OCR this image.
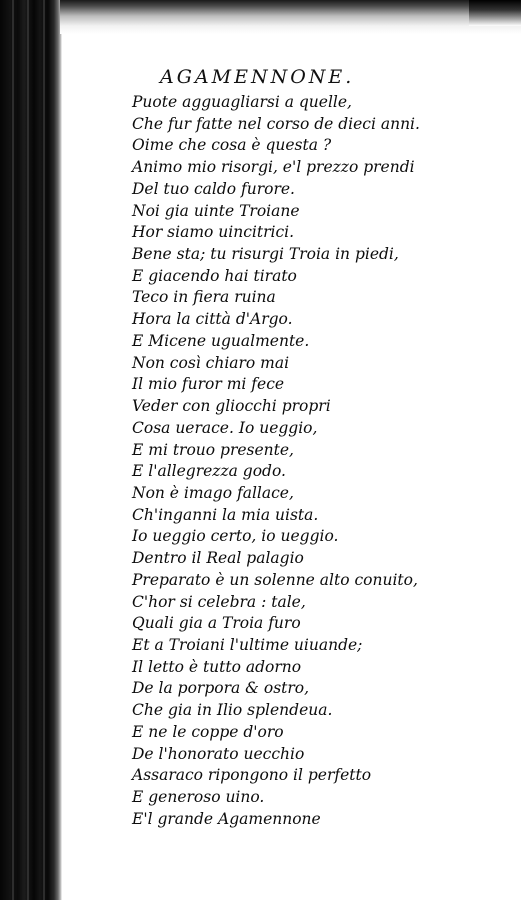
AGAMENNONE.
Puote agguagliarsi a quelle,
Che fur fatte nel corso de dieci anni.
Oime che cosa è questa ?
Animo mio risorgi, e'l prezzo prendi
Del tuo caldo furore.
Noi gia uinte Troiane
Hor siamo uincitrici.
Bene sta; tu risurgi Troia in piedi,
E giacendo hai tirato
Teco in fiera ruina
Hora la città d'Argo.
E Micene ugualmente.
Non così chiaro mai
Il mio furor mi fece
Veder con gliocchi propri
Cosa uerace. Io ueggio,
E mi trouo presente,
E l'allegrezza godo.
Non è imago fallace,
Ch'inganni la mia uista.
Io ueggio certo, io ueggio.
Dentro il Real palagio
Preparato è un solenne alto conuito,
C'hor si celebra : tale,
Quali gia a Troia furo
Et a Troiani l'ultime uiuande;
Il letto è tutto adorno
De la porpora & ostro,
Che gia in Ilio splendeua.
E ne le coppe d'oro
De l'honorato uecchio
Assaraco ripongono il perfetto
E generoso uino.
E'l grande Agamennone
